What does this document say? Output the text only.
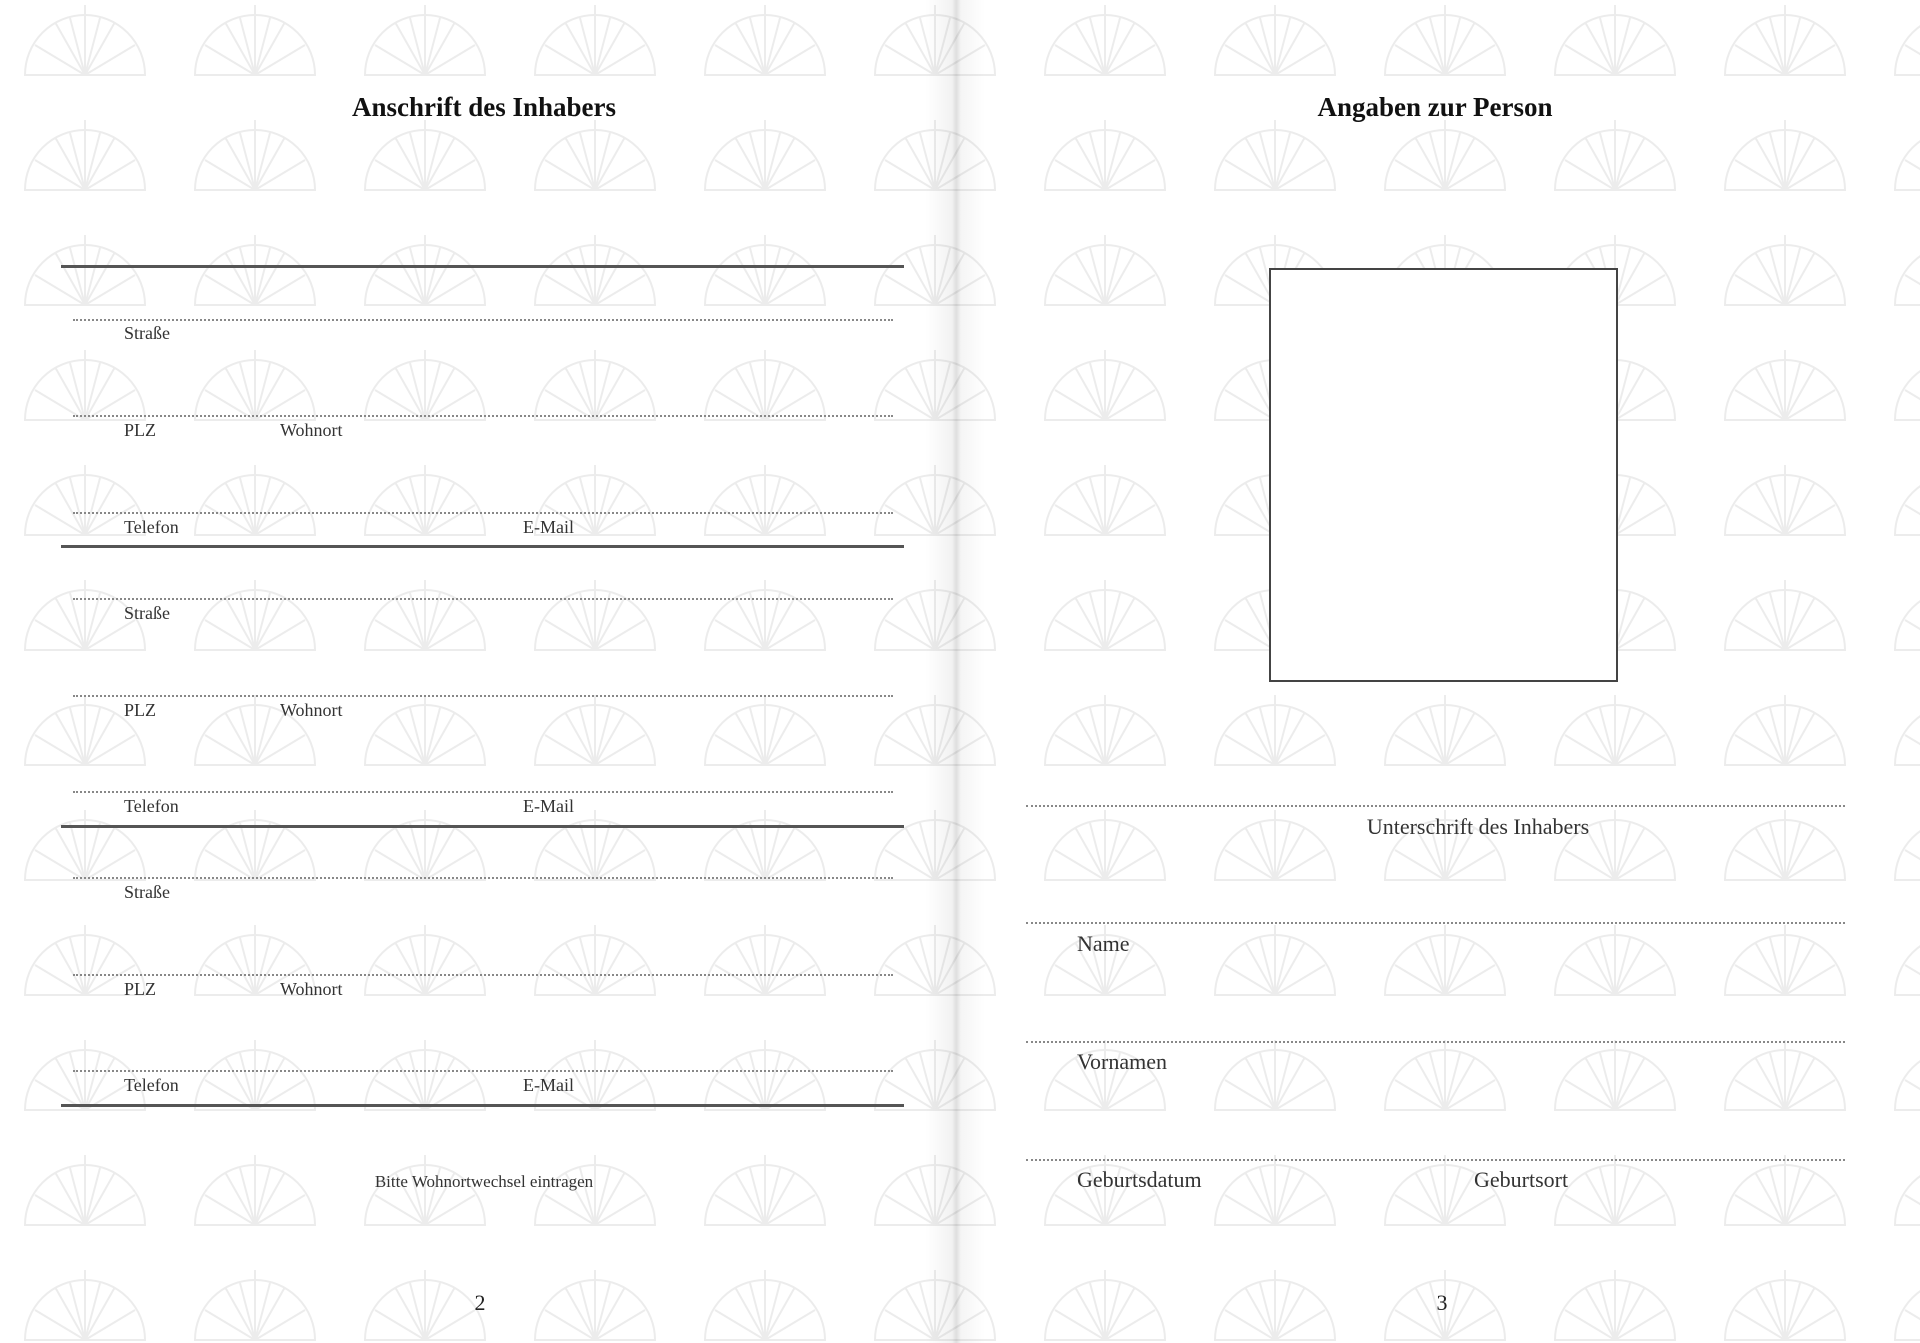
Anschrift des Inhabers
Straße
PLZ	Wohnort
Telefon	E-Mail
Straße
PLZ	Wohnort
Telefon	E-Mail
Straße
PLZ	Wohnort
Telefon	E-Mail
Bitte Wohnortwechsel eintragen
2
Angaben zur Person
Unterschrift des Inhabers
Name
Vornamen
Geburtsdatum	Geburtsort
3
